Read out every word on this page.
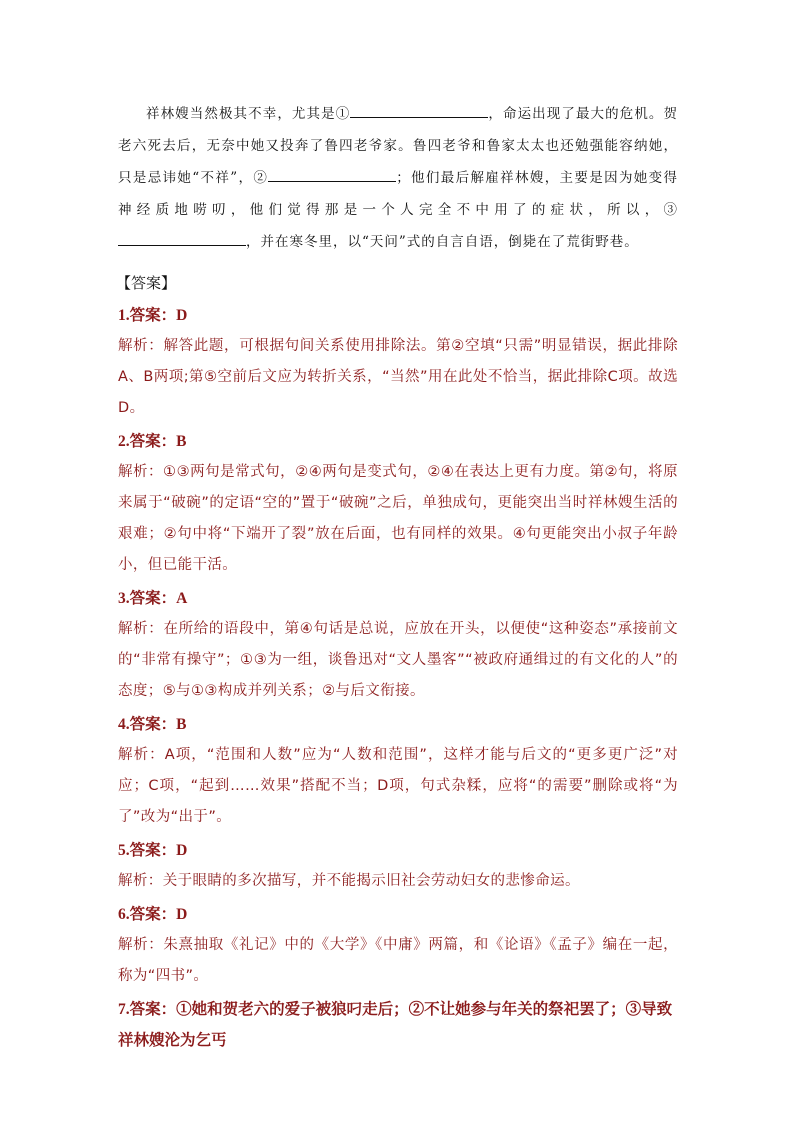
祥林嫂当然极其不幸，尤其是①	，命运出现了最大的危机。贺老六死去后，无奈中她又投奔了鲁四老爷家。鲁四老爷和鲁家太太也还勉强能容纳她，只是忌讳她“不祥”，②	；他们最后解雇祥林嫂，主要是因为她变得神经质地唠叨，他们觉得那是一个人完全不中用了的症状，所以，③，并在寒冬里，以“天问”式的自言自语，倒毙在了荒街野巷。

【答案】
1.答案：D

解析：解答此题，可根据句间关系使用排除法。第②空填“只需”明显错误，据此排除A、B两项;第⑤空前后文应为转折关系，“当然”用在此处不恰当，据此排除C项。故选D。

2.答案：B

解析：①③两句是常式句，②④两句是变式句，②④在表达上更有力度。第②句，将原来属于“破碗”的定语“空的”置于“破碗”之后，单独成句，更能突出当时祥林嫂生活的艰难；②句中将“下端开了裂”放在后面，也有同样的效果。④句更能突出小叔子年龄小，但已能干活。

3.答案：A

解析：在所给的语段中，第④句话是总说，应放在开头，以便使“这种姿态”承接前文的“非常有操守”；①③为一组，谈鲁迅对“文人墨客”“被政府通缉过的有文化的人”的态度；⑤与①③构成并列关系；②与后文衔接。

4.答案：B

解析：A项，“范围和人数”应为“人数和范围”，这样才能与后文的“更多更广泛”对应；C项，“起到……效果”搭配不当；D项，句式杂糅，应将“的需要”删除或将“为了”改为“出于”。

5.答案：D

解析：关于眼睛的多次描写，并不能揭示旧社会劳动妇女的悲惨命运。

6.答案：D

解析：朱熹抽取《礼记》中的《大学》《中庸》两篇，和《论语》《孟子》编在一起，称为“四书”。

7.答案：①她和贺老六的爱子被狼叼走后；②不让她参与年关的祭祀罢了；③导致祥林嫂沦为乞丐
